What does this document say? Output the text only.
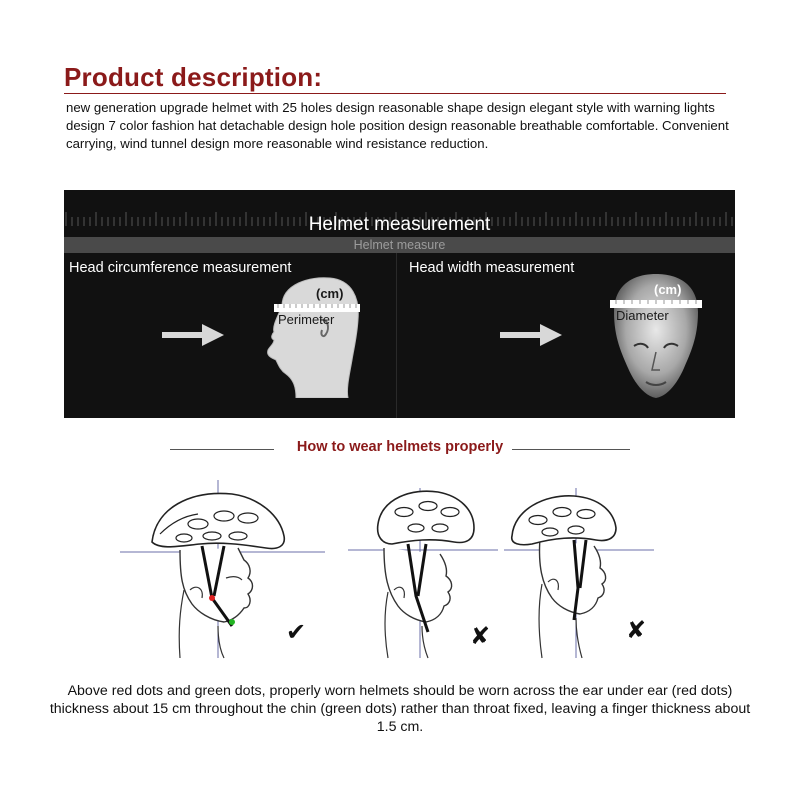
Product description:
new generation upgrade helmet with 25 holes design reasonable shape design elegant style with warning lights design 7 color fashion hat detachable design hole position design reasonable breathable comfortable. Convenient carrying, wind tunnel design more reasonable wind resistance reduction.
Helmet measurement
Helmet measure
Head circumference measurement
(cm)
Perimeter
Head width measurement
(cm)
Diameter
How to wear helmets properly
✔	✘	✘
Above red dots and green dots, properly worn helmets should be worn across the ear under ear (red dots) thickness about 15 cm throughout the chin (green dots) rather than throat fixed, leaving a finger thickness about 1.5 cm.
